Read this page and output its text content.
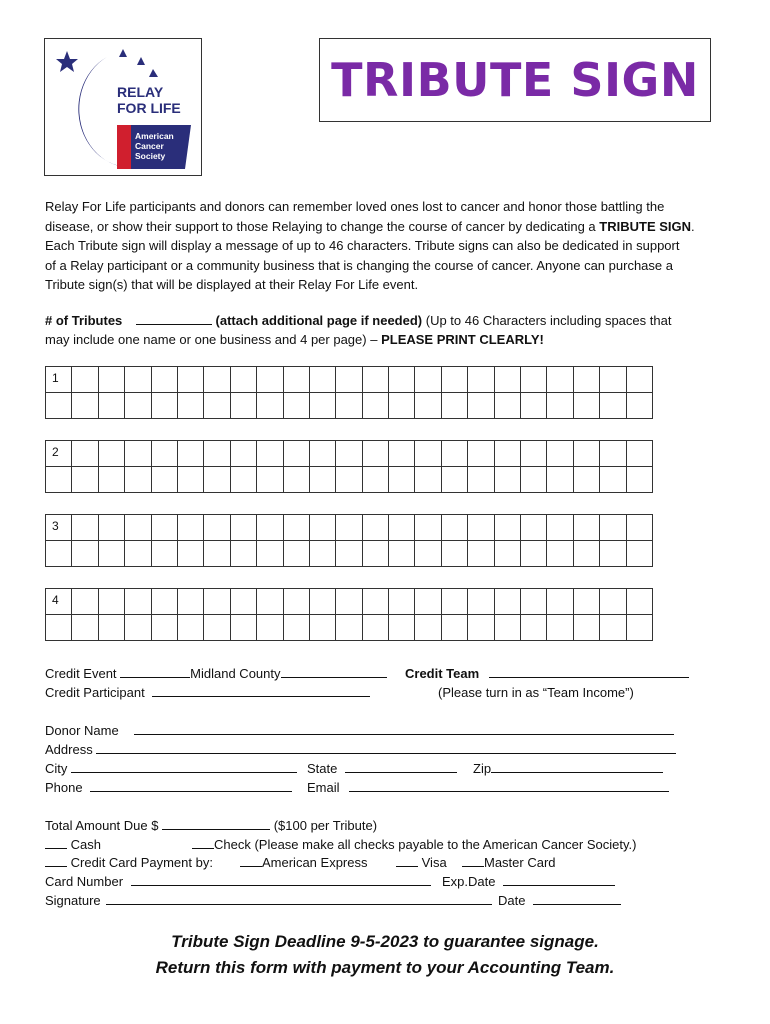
RELAY
FOR LIFE
American
Cancer
Society
TRIBUTE SIGN
Relay For Life participants and donors can remember loved ones lost to cancer and honor those battling the
disease, or show their support to those Relaying to change the course of cancer by dedicating a TRIBUTE SIGN.
Each Tribute sign will display a message of up to 46 characters. Tribute signs can also be dedicated in support
of a Relay participant or a community business that is changing the course of cancer. Anyone can purchase a
Tribute sign(s) that will be displayed at their Relay For Life event.
# of Tributes	(attach additional page if needed) (Up to 46 Characters including spaces that
may include one name or one business and 4 per page) – PLEASE PRINT CLEARLY!
1																						

2																						

3																						

4																						

Credit Event	Midland County	Credit Team
Credit Participant	(Please turn in as “Team Income”)
Donor Name
Address
City	State	Zip
Phone	Email
Total Amount Due $	($100 per Tribute)
Cash	Check (Please make all checks payable to the American Cancer Society.)
Credit Card Payment by:	American Express	Visa	Master Card
Card Number	Exp.Date
Signature	Date
Tribute Sign Deadline 9-5-2023 to guarantee signage.
Return this form with payment to your Accounting Team.
